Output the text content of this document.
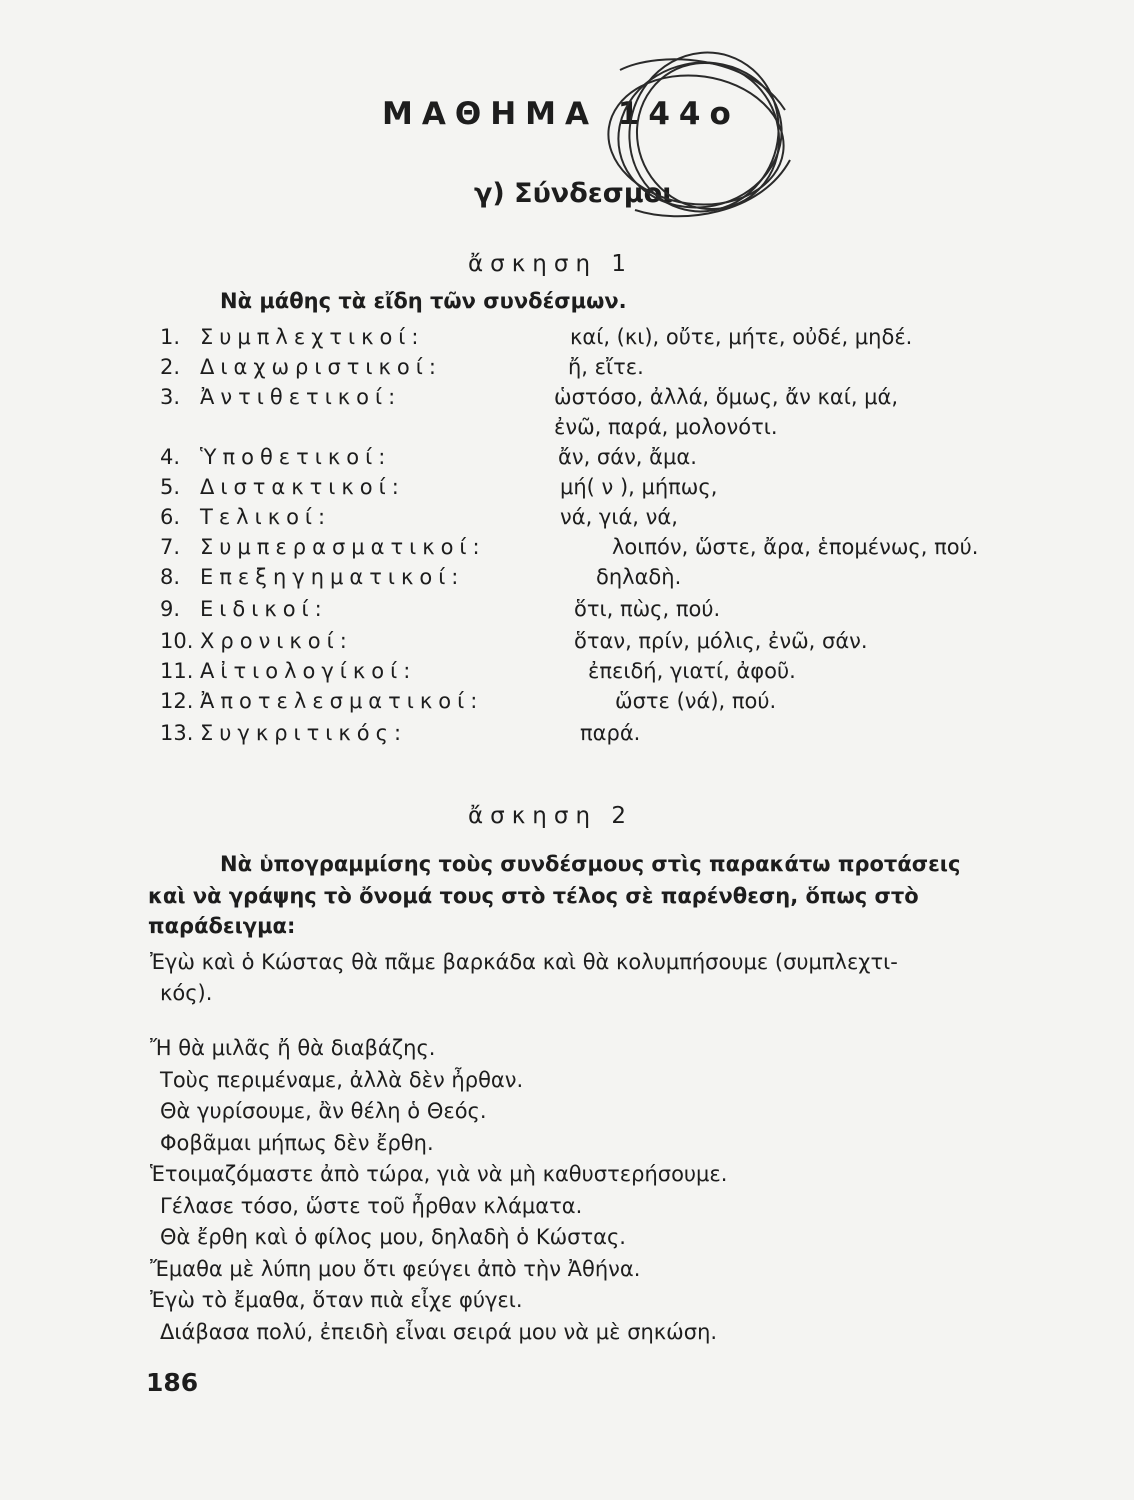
ΜΑΘΗΜΑ 144ο
γ) Σύνδεσμοι
ἄσκηση 1
Νὰ μάθης τὰ εἴδη τῶν συνδέσμων.
1. Συμπλεχτικοί:	καί, (κι), οὔτε, μήτε, οὐδέ, μηδέ.
2. Διαχωριστικοί:	ἤ, εἴτε.
3. Ἀντιθετικοί:	ὡστόσο, ἀλλά, ὅμως, ἄν καί, μά,
ἐνῶ, παρά, μολονότι.
4. Ὑποθετικοί:	ἄν, σάν, ἄμα.
5. Διστακτικοί:	μή( ν ), μήπως,
6. Τελικοί:	νά, γιά, νά,
7. Συμπερασματικοί:	λοιπόν, ὥστε, ἄρα, ἑπομένως, πού.
8. Επεξηγηματικοί:	δηλαδὴ.
9. Ειδικοί:	ὅτι, πὼς, πού.
10. Χρονικοί:	ὅταν, πρίν, μόλις, ἐνῶ, σάν.
11. Αἰτιολογίκοί:	ἐπειδή, γιατί, ἀφοῦ.
12. Ἀποτελεσματικοί:	ὥστε (νά), πού.
13. Συγκριτικός:	παρά.
ἄσκηση 2
Νὰ ὑπογραμμίσης τοὺς συνδέσμους στὶς παρακάτω προτάσεις
καὶ νὰ γράψης τὸ ὄνομά τους στὸ τέλος σὲ παρένθεση, ὅπως στὸ
παράδειγμα:
Ἐγὼ καὶ ὁ Κώστας θὰ πᾶμε βαρκάδα καὶ θὰ κολυμπήσουμε (συμπλεχτι-
κός).
Ἤ θὰ μιλᾶς ἤ θὰ διαβάζης.
Τοὺς περιμέναμε, ἀλλὰ δὲν ἦρθαν.
Θὰ γυρίσουμε, ἂν θέλη ὁ Θεός.
Φοβᾶμαι μήπως δὲν ἔρθη.
Ἑτοιμαζόμαστε ἀπὸ τώρα, γιὰ νὰ μὴ καθυστερήσουμε.
Γέλασε τόσο, ὥστε τοῦ ἦρθαν κλάματα.
Θὰ ἔρθη καὶ ὁ φίλος μου, δηλαδὴ ὁ Κώστας.
Ἔμαθα μὲ λύπη μου ὅτι φεύγει ἀπὸ τὴν Ἀθήνα.
Ἐγὼ τὸ ἔμαθα, ὅταν πιὰ εἶχε φύγει.
Διάβασα πολύ, ἐπειδὴ εἶναι σειρά μου νὰ μὲ σηκώση.
186
